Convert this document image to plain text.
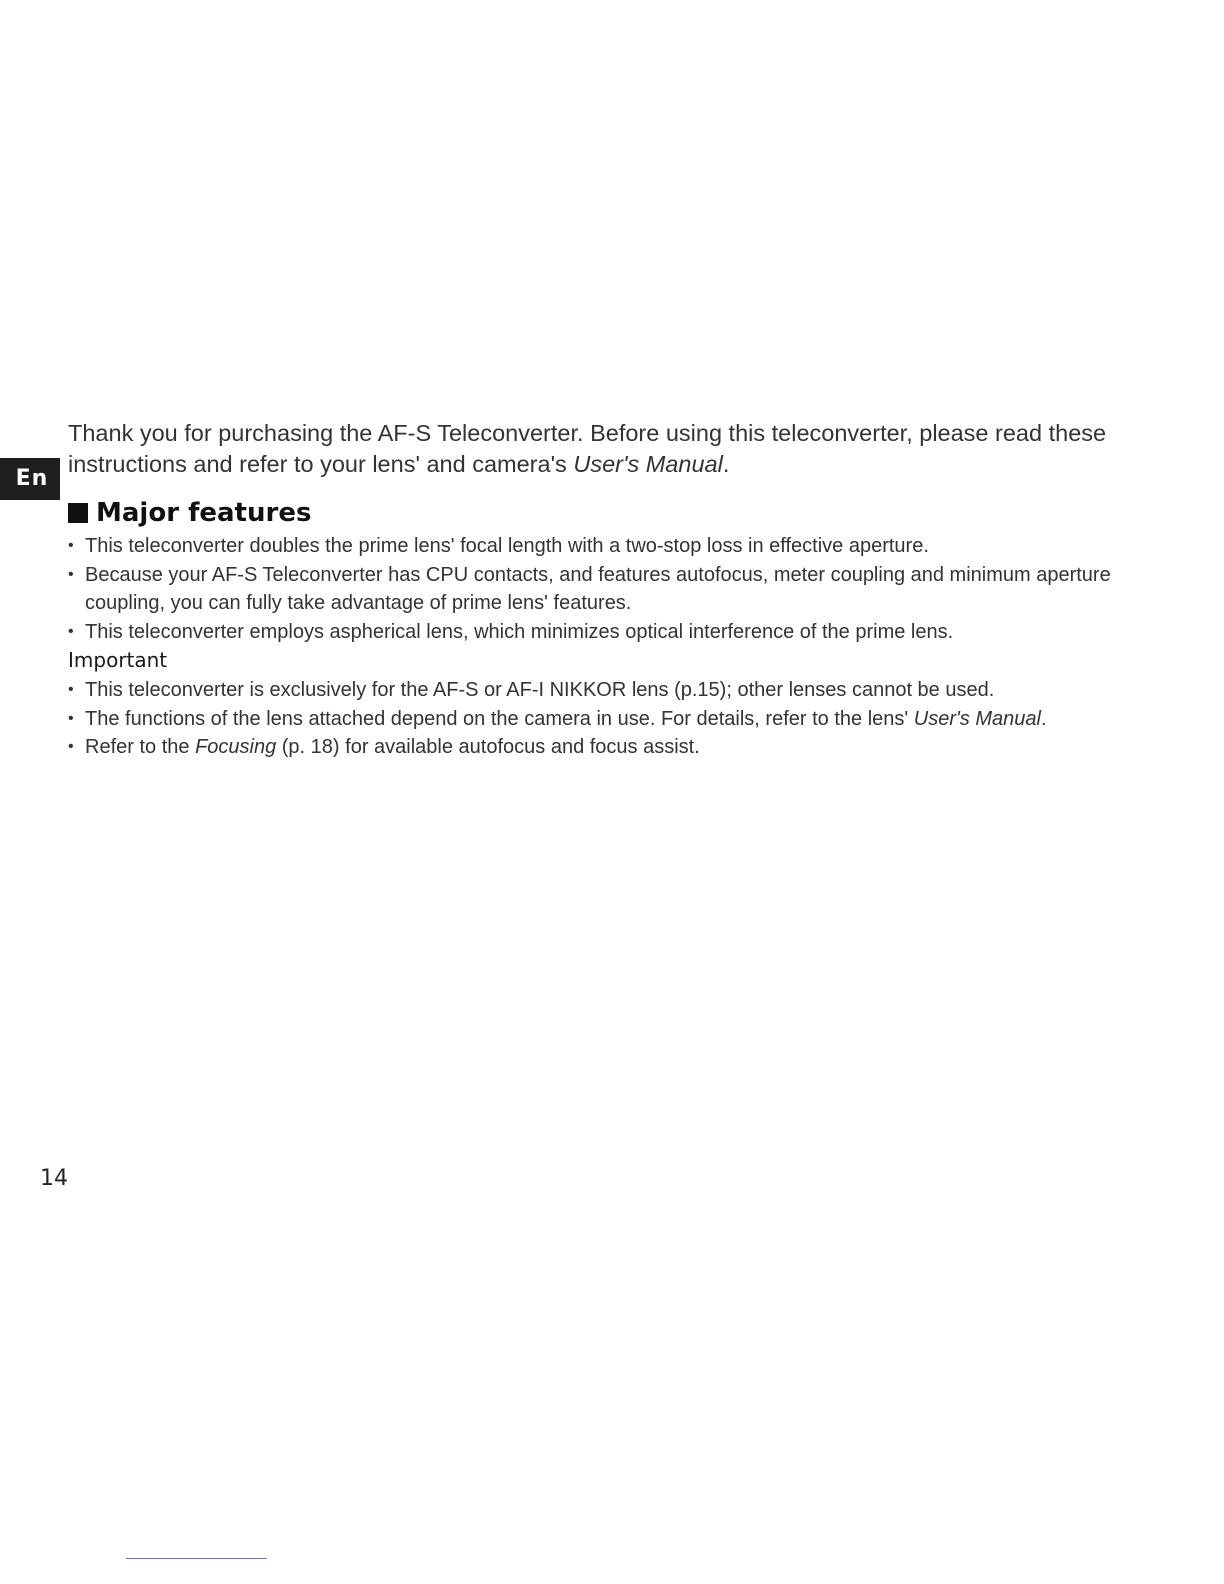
En

Thank you for purchasing the AF-S Teleconverter. Before using this teleconverter, please read these instructions and refer to your lens' and camera's User's Manual.

Major features
• This teleconverter doubles the prime lens' focal length with a two-stop loss in effective aperture.
• Because your AF-S Teleconverter has CPU contacts, and features autofocus, meter coupling and minimum aperture coupling, you can fully take advantage of prime lens' features.
• This teleconverter employs aspherical lens, which minimizes optical interference of the prime lens.

Important

• This teleconverter is exclusively for the AF-S or AF-I NIKKOR lens (p.15); other lenses cannot be used.
• The functions of the lens attached depend on the camera in use. For details, refer to the lens' User's Manual.
• Refer to the Focusing (p. 18) for available autofocus and focus assist.
14
